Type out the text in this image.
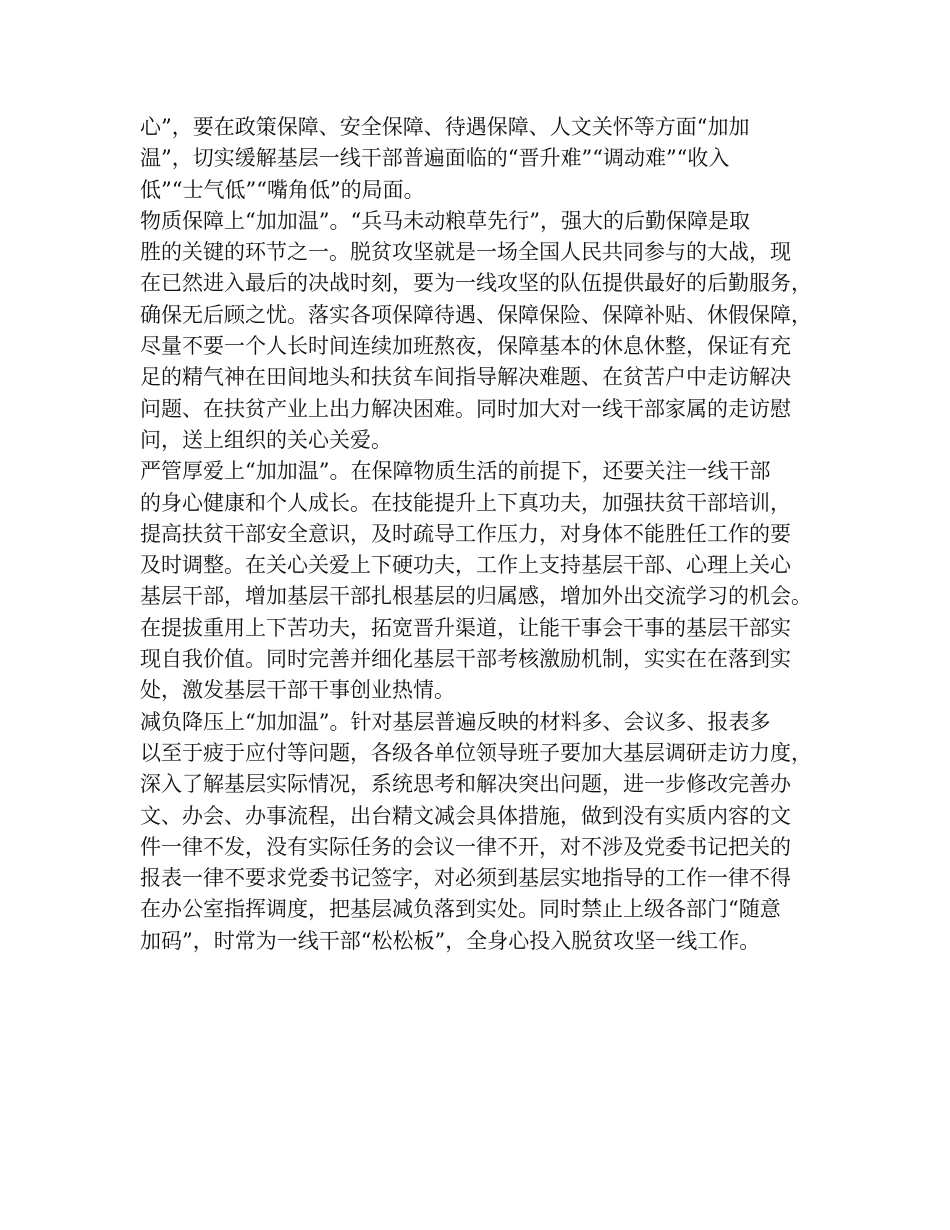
心”，要在政策保障、安全保障、待遇保障、人文关怀等方面“加加
温”，切实缓解基层一线干部普遍面临的“晋升难”“调动难”“收入
低”“士气低”“嘴角低”的局面。
物质保障上“加加温”。“兵马未动粮草先行”，强大的后勤保障是取
胜的关键的环节之一。脱贫攻坚就是一场全国人民共同参与的大战，现
在已然进入最后的决战时刻，要为一线攻坚的队伍提供最好的后勤服务，
确保无后顾之忧。落实各项保障待遇、保障保险、保障补贴、休假保障，
尽量不要一个人长时间连续加班熬夜，保障基本的休息休整，保证有充
足的精气神在田间地头和扶贫车间指导解决难题、在贫苦户中走访解决
问题、在扶贫产业上出力解决困难。同时加大对一线干部家属的走访慰
问，送上组织的关心关爱。
严管厚爱上“加加温”。在保障物质生活的前提下，还要关注一线干部
的身心健康和个人成长。在技能提升上下真功夫，加强扶贫干部培训，
提高扶贫干部安全意识，及时疏导工作压力，对身体不能胜任工作的要
及时调整。在关心关爱上下硬功夫，工作上支持基层干部、心理上关心
基层干部，增加基层干部扎根基层的归属感，增加外出交流学习的机会。
在提拔重用上下苦功夫，拓宽晋升渠道，让能干事会干事的基层干部实
现自我价值。同时完善并细化基层干部考核激励机制，实实在在落到实
处，激发基层干部干事创业热情。
减负降压上“加加温”。针对基层普遍反映的材料多、会议多、报表多
以至于疲于应付等问题，各级各单位领导班子要加大基层调研走访力度，
深入了解基层实际情况，系统思考和解决突出问题，进一步修改完善办
文、办会、办事流程，出台精文减会具体措施，做到没有实质内容的文
件一律不发，没有实际任务的会议一律不开，对不涉及党委书记把关的
报表一律不要求党委书记签字，对必须到基层实地指导的工作一律不得
在办公室指挥调度，把基层减负落到实处。同时禁止上级各部门“随意
加码”，时常为一线干部“松松板”，全身心投入脱贫攻坚一线工作。
